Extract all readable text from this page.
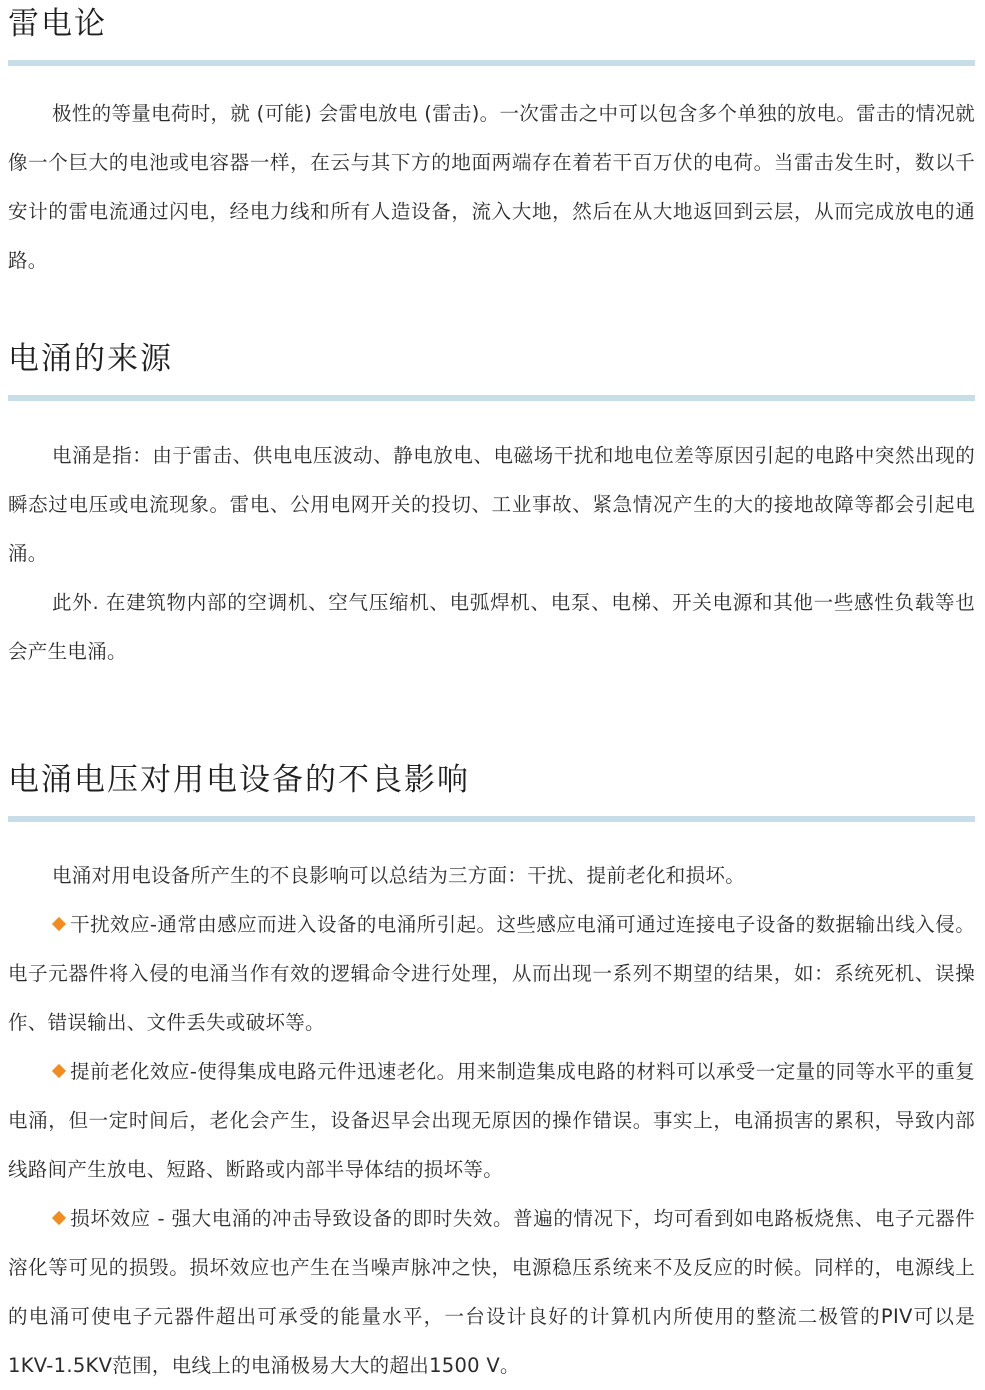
雷电论

极性的等量电荷时，就 (可能) 会雷电放电 (雷击)。一次雷击之中可以包含多个单独的放电。雷击的情况就像一个巨大的电池或电容器一样，在云与其下方的地面两端存在着若干百万伏的电荷。当雷击发生时，数以千安计的雷电流通过闪电，经电力线和所有人造设备，流入大地，然后在从大地返回到云层，从而完成放电的通路。

电涌的来源

电涌是指：由于雷击、供电电压波动、静电放电、电磁场干扰和地电位差等原因引起的电路中突然出现的瞬态过电压或电流现象。雷电、公用电网开关的投切、工业事故、紧急情况产生的大的接地故障等都会引起电涌。

此外. 在建筑物内部的空调机、空气压缩机、电弧焊机、电泵、电梯、开关电源和其他一些感性负载等也会产生电涌。

电涌电压对用电设备的不良影响

电涌对用电设备所产生的不良影响可以总结为三方面：干扰、提前老化和损坏。

干扰效应-通常由感应而进入设备的电涌所引起。这些感应电涌可通过连接电子设备的数据输出线入侵。电子元器件将入侵的电涌当作有效的逻辑命令进行处理，从而出现一系列不期望的结果，如：系统死机、误操作、错误输出、文件丢失或破坏等。

提前老化效应-使得集成电路元件迅速老化。用来制造集成电路的材料可以承受一定量的同等水平的重复电涌，但一定时间后，老化会产生，设备迟早会出现无原因的操作错误。事实上，电涌损害的累积，导致内部线路间产生放电、短路、断路或内部半导体结的损坏等。

损坏效应 - 强大电涌的冲击导致设备的即时失效。普遍的情况下，均可看到如电路板烧焦、电子元器件溶化等可见的损毁。损坏效应也产生在当噪声脉冲之快，电源稳压系统来不及反应的时候。同样的，电源线上的电涌可使电子元器件超出可承受的能量水平，一台设计良好的计算机内所使用的整流二极管的PIV可以是1KV-1.5KV范围，电线上的电涌极易大大的超出1500 V。
